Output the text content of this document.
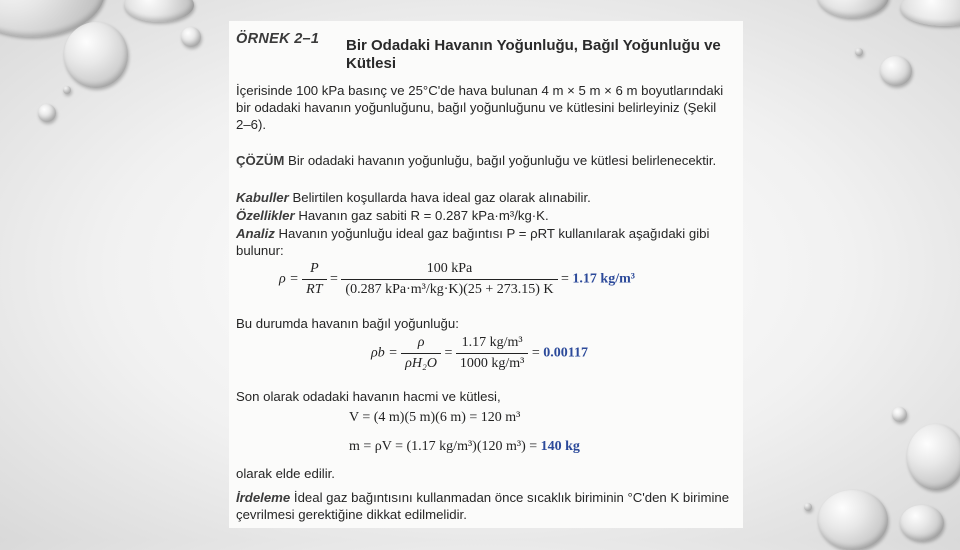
ÖRNEK 2–1 Bir Odadaki Havanın Yoğunluğu, Bağıl Yoğunluğu ve Kütlesi
İçerisinde 100 kPa basınç ve 25°C'de hava bulunan 4 m × 5 m × 6 m boyutlarındaki bir odadaki havanın yoğunluğunu, bağıl yoğunluğunu ve kütlesini belirleyiniz (Şekil 2–6).
ÇÖZÜM Bir odadaki havanın yoğunluğu, bağıl yoğunluğu ve kütlesi belirlenecektir.
Kabuller Belirtilen koşullarda hava ideal gaz olarak alınabilir.
Özellikler Havanın gaz sabiti R = 0.287 kPa·m³/kg·K.
Analiz Havanın yoğunluğu ideal gaz bağıntısı P = ρRT kullanılarak aşağıdaki gibi bulunur:
$\rho = \frac{P}{RT} = \frac{\text{100 kPa}}{\text{(0.287 kPa·m³/kg·K)(25 + 273.15) K}} = 1.17$ kg/m³
Bu durumda havanın bağıl yoğunluğu:
$\rho b = \frac{\rho}{\text{ρH₂O}} = \frac{\text{1.17 kg/m³}}{\text{1000 kg/m³}} = 0.00117$
Son olarak odadaki havanın hacmi ve kütlesi,
V = (4 m)(5 m)(6 m) = 120 m³
m = ρV = (1.17 kg/m³)(120 m³) = 140 kg
olarak elde edilir.
İrdeleme İdeal gaz bağıntısını kullanmadan önce sıcaklık biriminin °C'den K birimine çevrilmesi gerektiğine dikkat edilmelidir.
